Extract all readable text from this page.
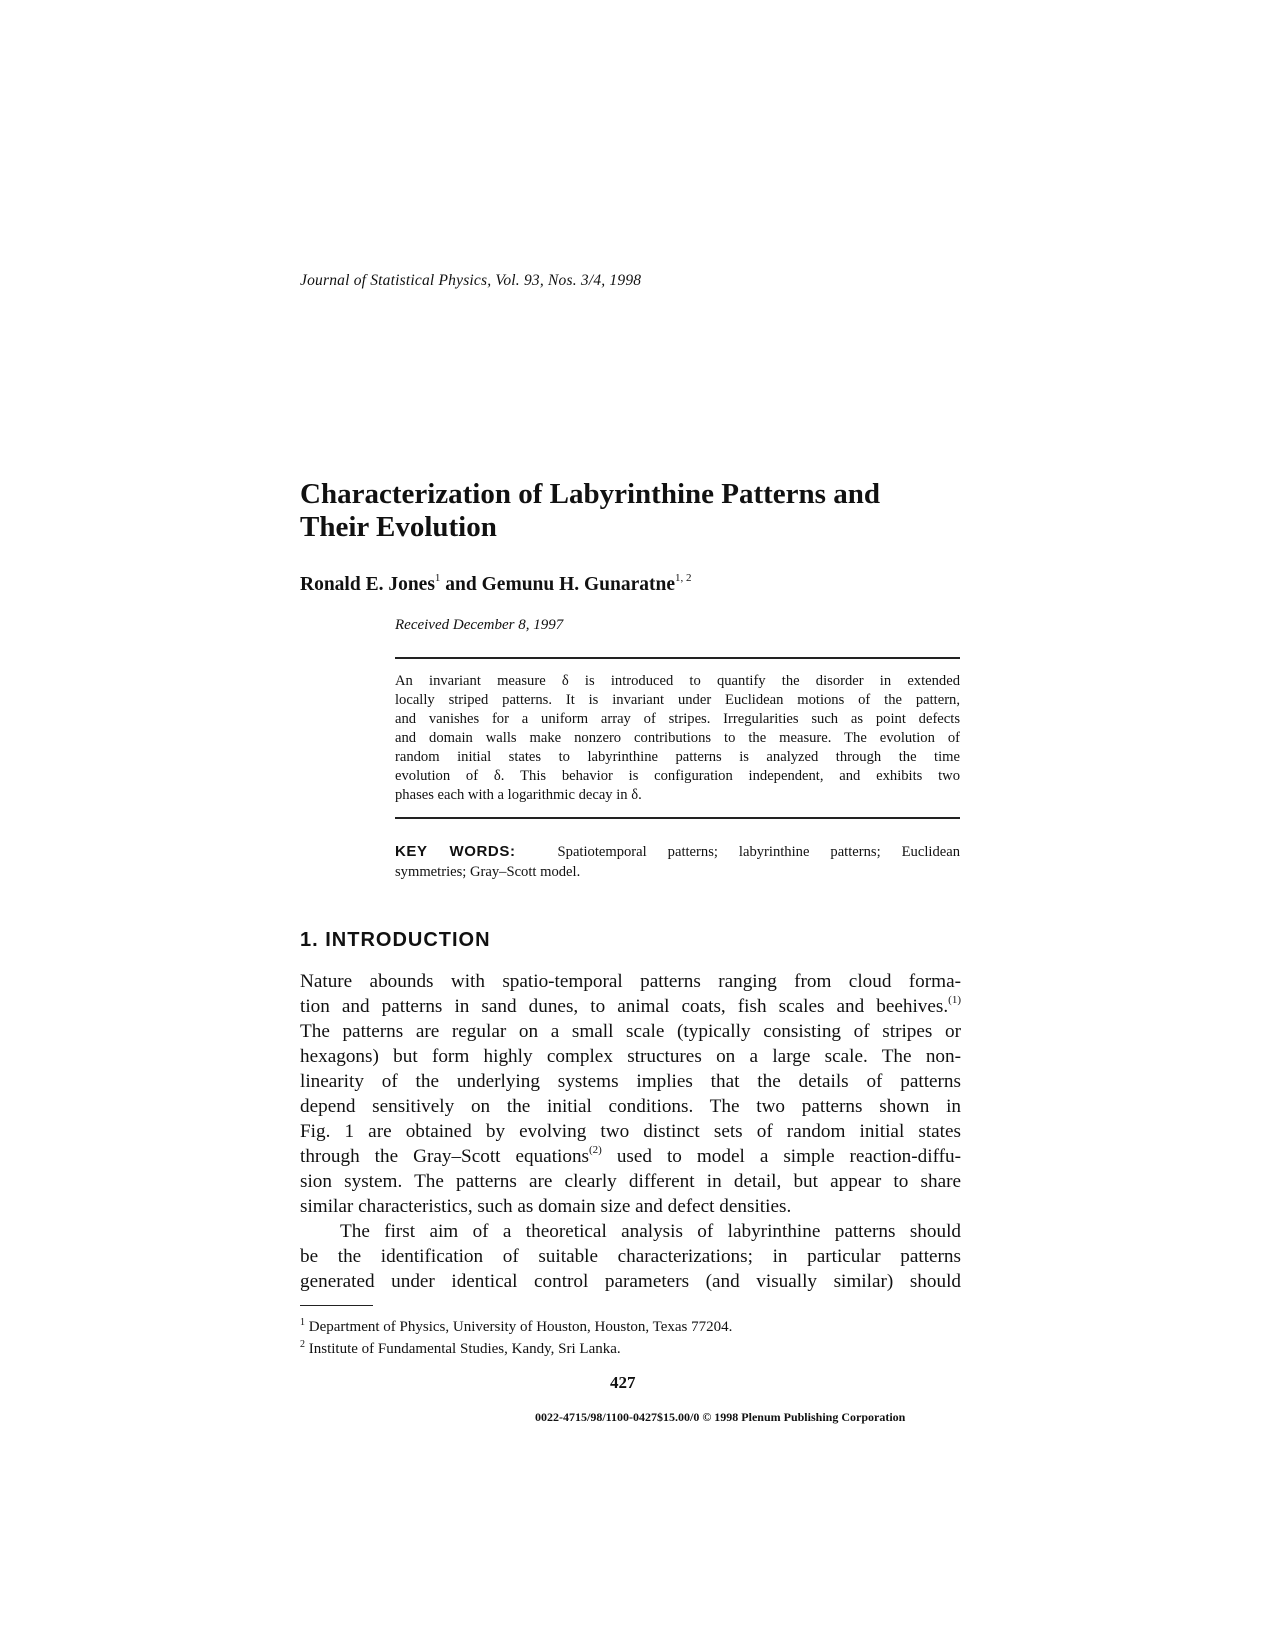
Journal of Statistical Physics, Vol. 93, Nos. 3/4, 1998
Characterization of Labyrinthine Patterns and
Their Evolution
Ronald E. Jones$^1$ and Gemunu H. Gunaratne$^{1, 2}$
Received December 8, 1997
An invariant measure δ is introduced to quantify the disorder in extended
locally striped patterns. It is invariant under Euclidean motions of the pattern,
and vanishes for a uniform array of stripes. Irregularities such as point defects
and domain walls make nonzero contributions to the measure. The evolution of
random initial states to labyrinthine patterns is analyzed through the time
evolution of δ. This behavior is configuration independent, and exhibits two
phases each with a logarithmic decay in δ.
KEY WORDS:	Spatiotemporal patterns; labyrinthine patterns; Euclidean
symmetries; Gray–Scott model.
1. INTRODUCTION
Nature abounds with spatio-temporal patterns ranging from cloud forma-
tion and patterns in sand dunes, to animal coats, fish scales and beehives.$^{(1)}$
The patterns are regular on a small scale (typically consisting of stripes or
hexagons) but form highly complex structures on a large scale. The non-
linearity of the underlying systems implies that the details of patterns
depend sensitively on the initial conditions. The two patterns shown in
Fig. 1 are obtained by evolving two distinct sets of random initial states
through the Gray–Scott equations$^{(2)}$ used to model a simple reaction-diffu-
sion system. The patterns are clearly different in detail, but appear to share
similar characteristics, such as domain size and defect densities.
The first aim of a theoretical analysis of labyrinthine patterns should
be the identification of suitable characterizations; in particular patterns
generated under identical control parameters (and visually similar) should
$^1$ Department of Physics, University of Houston, Houston, Texas 77204.
$^2$ Institute of Fundamental Studies, Kandy, Sri Lanka.
427
0022-4715/98/1100-0427$15.00/0 © 1998 Plenum Publishing Corporation
